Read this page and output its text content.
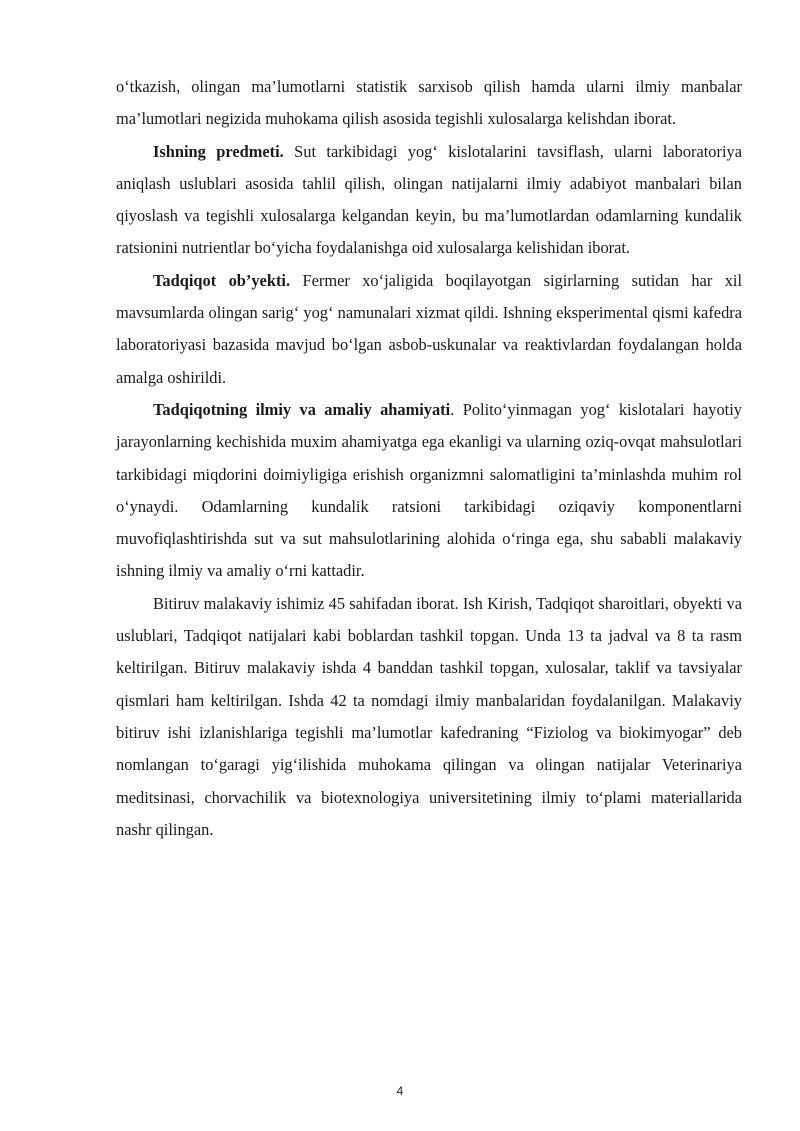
o‘tkazish, olingan ma’lumotlarni statistik sarxisob qilish hamda ularni ilmiy manbalar ma’lumotlari negizida muhokama qilish asosida tegishli xulosalarga kelishdan iborat.

Ishning predmeti. Sut tarkibidagi yog‘ kislotalarini tavsiflash, ularni laboratoriya aniqlash uslublari asosida tahlil qilish, olingan natijalarni ilmiy adabiyot manbalari bilan qiyoslash va tegishli xulosalarga kelgandan keyin, bu ma’lumotlardan odamlarning kundalik ratsionini nutrientlar bo‘yicha foydalanishga oid xulosalarga kelishidan iborat.

Tadqiqot ob’yekti. Fermer xo‘jaligida boqilayotgan sigirlarning sutidan har xil mavsumlarda olingan sarig‘ yog‘ namunalari xizmat qildi. Ishning eksperimental qismi kafedra laboratoriyasi bazasida mavjud bo‘lgan asbob-uskunalar va reaktivlardan foydalangan holda amalga oshirildi.

Tadqiqotning ilmiy va amaliy ahamiyati. Polito‘yinmagan yog‘ kislotalari hayotiy jarayonlarning kechishida muxim ahamiyatga ega ekanligi va ularning oziq-ovqat mahsulotlari tarkibidagi miqdorini doimiyligiga erishish organizmni salomatligini ta’minlashda muhim rol o‘ynaydi. Odamlarning kundalik ratsioni tarkibidagi oziqaviy komponentlarni muvofiqlashtirishda sut va sut mahsulotlarining alohida o‘ringa ega, shu sababli malakaviy ishning ilmiy va amaliy o‘rni kattadir.

Bitiruv malakaviy ishimiz 45 sahifadan iborat. Ish Kirish, Tadqiqot sharoitlari, obyekti va uslublari, Tadqiqot natijalari kabi boblardan tashkil topgan. Unda 13 ta jadval va 8 ta rasm keltirilgan. Bitiruv malakaviy ishda 4 banddan tashkil topgan, xulosalar, taklif va tavsiyalar qismlari ham keltirilgan. Ishda 42 ta nomdagi ilmiy manbalaridan foydalanilgan. Malakaviy bitiruv ishi izlanishlariga tegishli ma’lumotlar kafedraning “Fiziolog va biokimyogar” deb nomlangan to‘garagi yig‘ilishida muhokama qilingan va olingan natijalar Veterinariya meditsinasi, chorvachilik va biotexnologiya universitetining ilmiy to‘plami materiallarida nashr qilingan.

4
